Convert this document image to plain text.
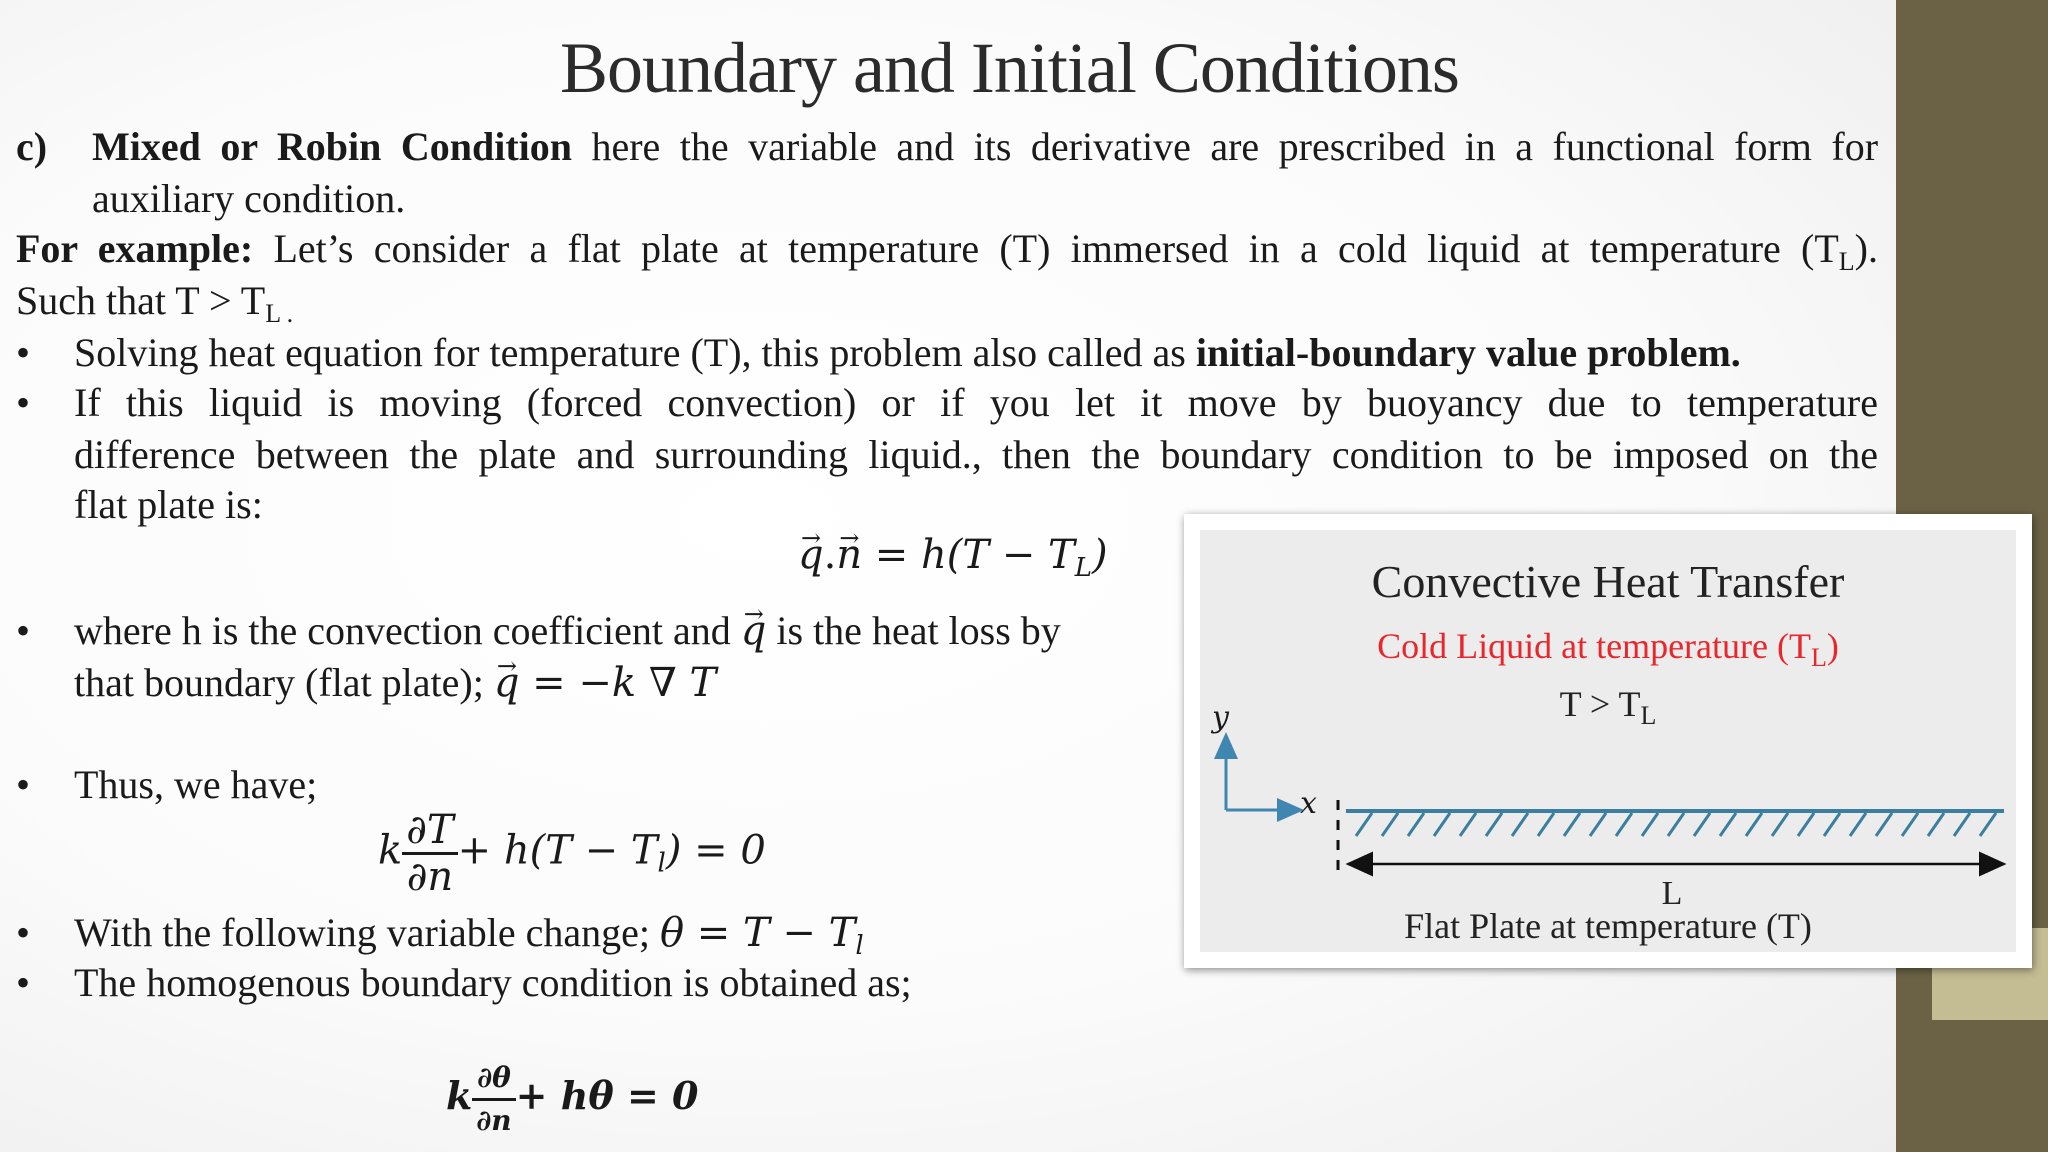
Boundary and Initial Conditions
c) Mixed or Robin Condition here the variable and its derivative are prescribed in a functional form for
auxiliary condition.
For example: Let’s consider a flat plate at temperature (T) immersed in a cold liquid at temperature $(T_L)$.
Such that $T > T_{L .}$
• Solving heat equation for temperature (T), this problem also called as initial-boundary value problem.
• If this liquid is moving (forced convection) or if you let it move by buoyancy due to temperature
difference between the plate and surrounding liquid., then the boundary condition to be imposed on the
flat plate is:
q →.n → = $h(T - T_L)$
• where h is the convection coefficient and q → is the heat loss by
that boundary (flat plate); q → = −k ∇ T
• Thus, we have;
k $\frac{\partial T}{\partial n} + h(T - T_l) = 0$
• With the following variable change; $\theta = T - T_l$
• The homogenous boundary condition is obtained as;
k $\frac{\partial\theta}{\partial n} + h\theta = 0$
Convective Heat Transfer
Cold Liquid at temperature $(T_L)$
$T > T_L$
y
x
L
Flat Plate at temperature (T)
